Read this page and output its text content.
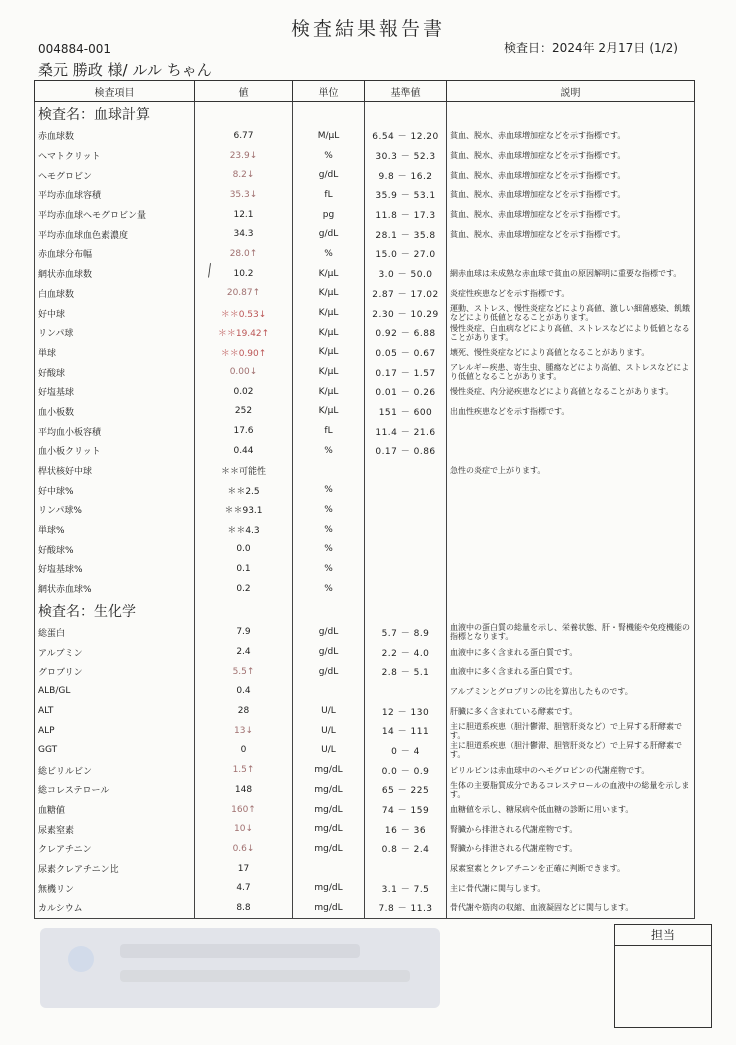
検査結果報告書
004884-001
桑元 勝政 様/ ルル ちゃん
検査日：2024年 2月17日 (1/2)
検査項目	値	単位	基準値	説明
検査名：血球計算				
赤血球数	6.77	M/μL	6.54 － 12.20	貧血、脱水、赤血球増加症などを示す指標です。
ヘマトクリット	23.9↓	%	30.3 － 52.3	貧血、脱水、赤血球増加症などを示す指標です。
ヘモグロビン	8.2↓	g/dL	9.8 － 16.2	貧血、脱水、赤血球増加症などを示す指標です。
平均赤血球容積	35.3↓	fL	35.9 － 53.1	貧血、脱水、赤血球増加症などを示す指標です。
平均赤血球ヘモグロビン量	12.1	pg	11.8 － 17.3	貧血、脱水、赤血球増加症などを示す指標です。
平均赤血球血色素濃度	34.3	g/dL	28.1 － 35.8	貧血、脱水、赤血球増加症などを示す指標です。
赤血球分布幅	28.0↑	%	15.0 － 27.0	
網状赤血球数	10.2	K/μL	3.0 － 50.0	網赤血球は未成熟な赤血球で貧血の原因解明に重要な指標です。
白血球数	20.87↑	K/μL	2.87 － 17.02	炎症性疾患などを示す指標です。
好中球	＊＊0.53↓	K/μL	2.30 － 10.29	運動、ストレス、慢性炎症などにより高値、激しい細菌感染、飢餓などにより低値となることがあります。
リンパ球	＊＊19.42↑	K/μL	0.92 － 6.88	慢性炎症、白血病などにより高値、ストレスなどにより低値となることがあります。
単球	＊＊0.90↑	K/μL	0.05 － 0.67	壊死、慢性炎症などにより高値となることがあります。
好酸球	0.00↓	K/μL	0.17 － 1.57	アレルギー疾患、寄生虫、腫瘍などにより高値、ストレスなどにより低値となることがあります。
好塩基球	0.02	K/μL	0.01 － 0.26	慢性炎症、内分泌疾患などにより高値となることがあります。
血小板数	252	K/μL	151 － 600	出血性疾患などを示す指標です。
平均血小板容積	17.6	fL	11.4 － 21.6	
血小板クリット	0.44	%	0.17 － 0.86	
桿状核好中球	＊＊可能性			急性の炎症で上がります。
好中球%	＊＊2.5	%		
リンパ球%	＊＊93.1	%		
単球%	＊＊4.3	%		
好酸球%	0.0	%		
好塩基球%	0.1	%		
網状赤血球%	0.2	%		
検査名：生化学				
総蛋白	7.9	g/dL	5.7 － 8.9	血液中の蛋白質の総量を示し、栄養状態、肝・腎機能や免疫機能の指標となります。
アルブミン	2.4	g/dL	2.2 － 4.0	血液中に多く含まれる蛋白質です。
グロブリン	5.5↑	g/dL	2.8 － 5.1	血液中に多く含まれる蛋白質です。
ALB/GL	0.4			アルブミンとグロブリンの比を算出したものです。
ALT	28	U/L	12 － 130	肝臓に多く含まれている酵素です。
ALP	13↓	U/L	14 － 111	主に胆道系疾患（胆汁鬱滞、胆管肝炎など）で上昇する肝酵素です。
GGT	0	U/L	0 － 4	主に胆道系疾患（胆汁鬱滞、胆管肝炎など）で上昇する肝酵素です。
総ビリルビン	1.5↑	mg/dL	0.0 － 0.9	ビリルビンは赤血球中のヘモグロビンの代謝産物です。
総コレステロール	148	mg/dL	65 － 225	生体の主要脂質成分であるコレステロールの血液中の総量を示します。
血糖値	160↑	mg/dL	74 － 159	血糖値を示し、糖尿病や低血糖の診断に用います。
尿素窒素	10↓	mg/dL	16 － 36	腎臓から排泄される代謝産物です。
クレアチニン	0.6↓	mg/dL	0.8 － 2.4	腎臓から排泄される代謝産物です。
尿素クレアチニン比	17			尿素窒素とクレアチニンを正確に判断できます。
無機リン	4.7	mg/dL	3.1 － 7.5	主に骨代謝に関与します。
カルシウム	8.8	mg/dL	7.8 － 11.3	骨代謝や筋肉の収縮、血液凝固などに関与します。
╲
担当
